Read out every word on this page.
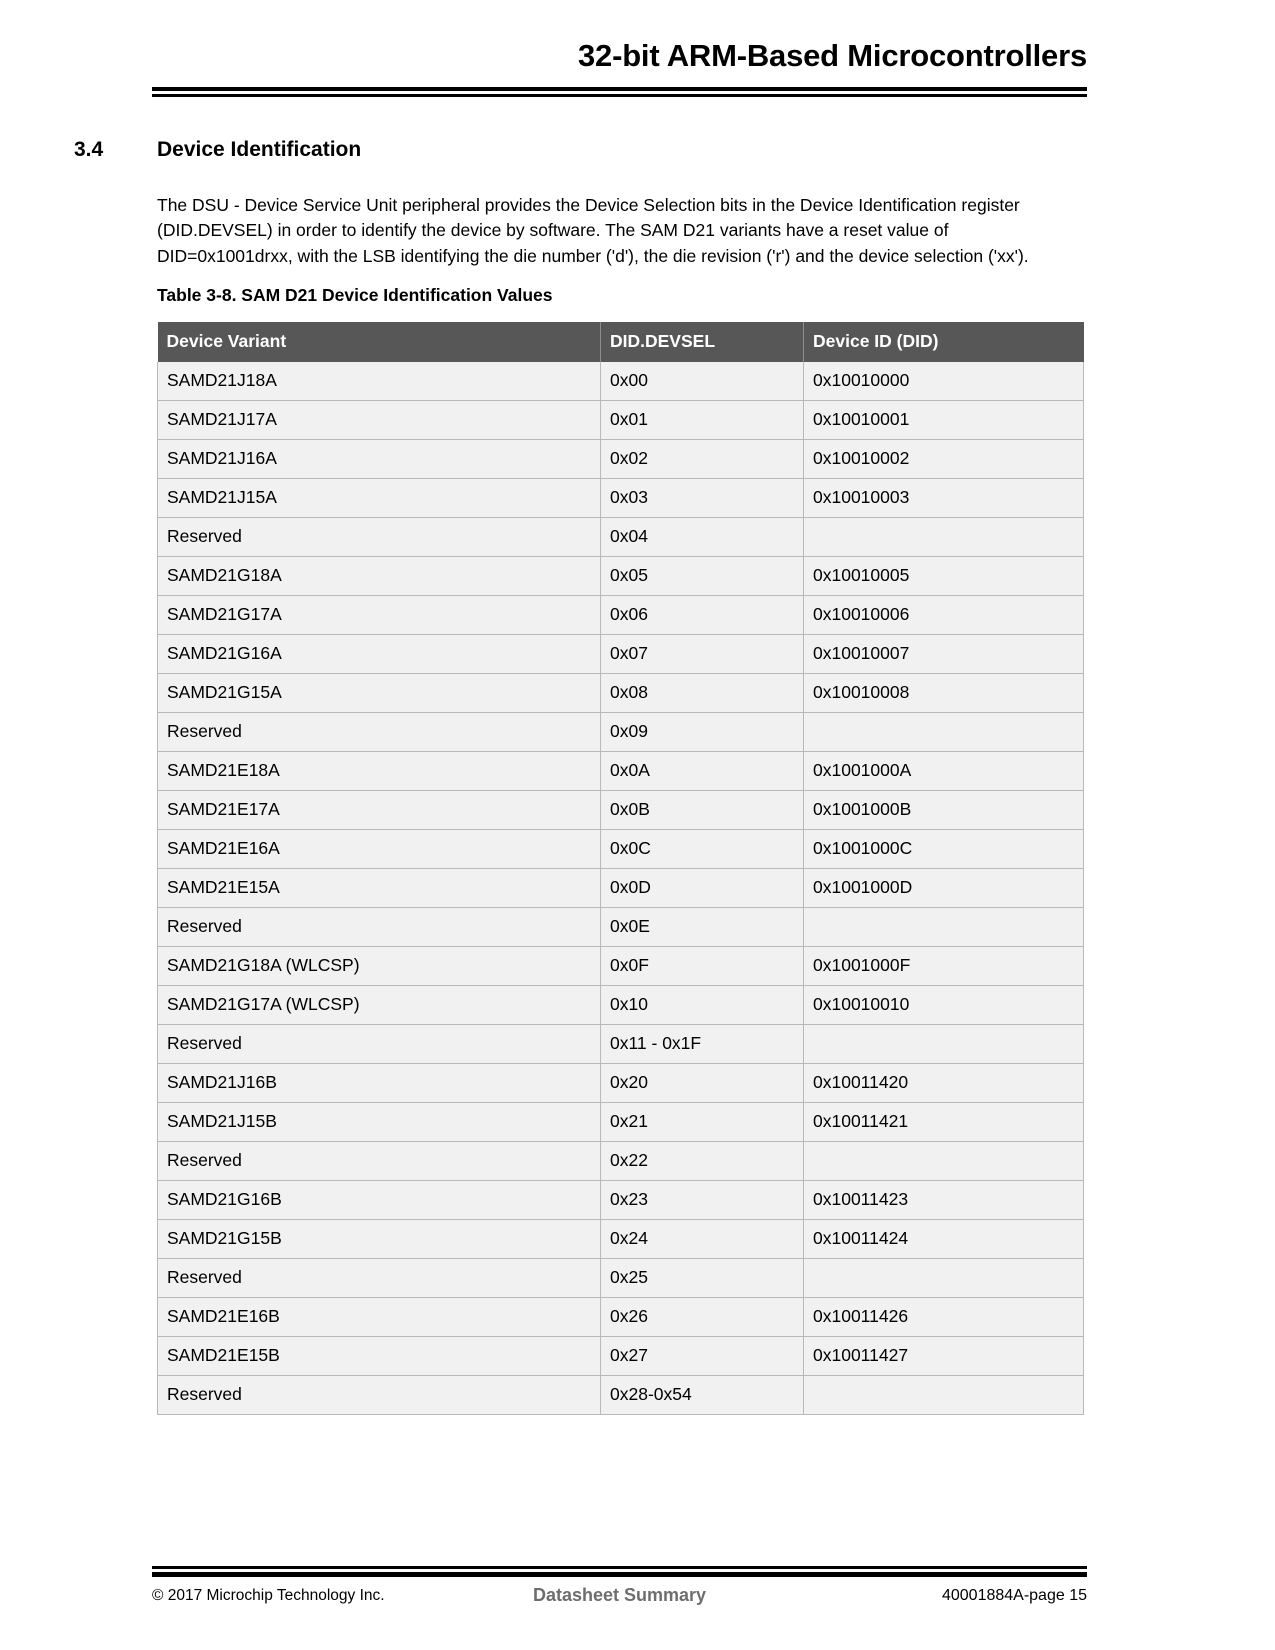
32-bit ARM-Based Microcontrollers
3.4	Device Identification

The DSU - Device Service Unit peripheral provides the Device Selection bits in the Device Identification register (DID.DEVSEL) in order to identify the device by software. The SAM D21 variants have a reset value of DID=0x1001drxx, with the LSB identifying the die number ('d'), the die revision ('r') and the device selection ('xx').

Table 3-8. SAM D21 Device Identification Values
Device Variant	DID.DEVSEL	Device ID (DID)
SAMD21J18A	0x00	0x10010000
SAMD21J17A	0x01	0x10010001
SAMD21J16A	0x02	0x10010002
SAMD21J15A	0x03	0x10010003
Reserved	0x04	
SAMD21G18A	0x05	0x10010005
SAMD21G17A	0x06	0x10010006
SAMD21G16A	0x07	0x10010007
SAMD21G15A	0x08	0x10010008
Reserved	0x09	
SAMD21E18A	0x0A	0x1001000A
SAMD21E17A	0x0B	0x1001000B
SAMD21E16A	0x0C	0x1001000C
SAMD21E15A	0x0D	0x1001000D
Reserved	0x0E	
SAMD21G18A (WLCSP)	0x0F	0x1001000F
SAMD21G17A (WLCSP)	0x10	0x10010010
Reserved	0x11 - 0x1F	
SAMD21J16B	0x20	0x10011420
SAMD21J15B	0x21	0x10011421
Reserved	0x22	
SAMD21G16B	0x23	0x10011423
SAMD21G15B	0x24	0x10011424
Reserved	0x25	
SAMD21E16B	0x26	0x10011426
SAMD21E15B	0x27	0x10011427
Reserved	0x28-0x54	
© 2017 Microchip Technology Inc.	Datasheet Summary	40001884A-page 15
